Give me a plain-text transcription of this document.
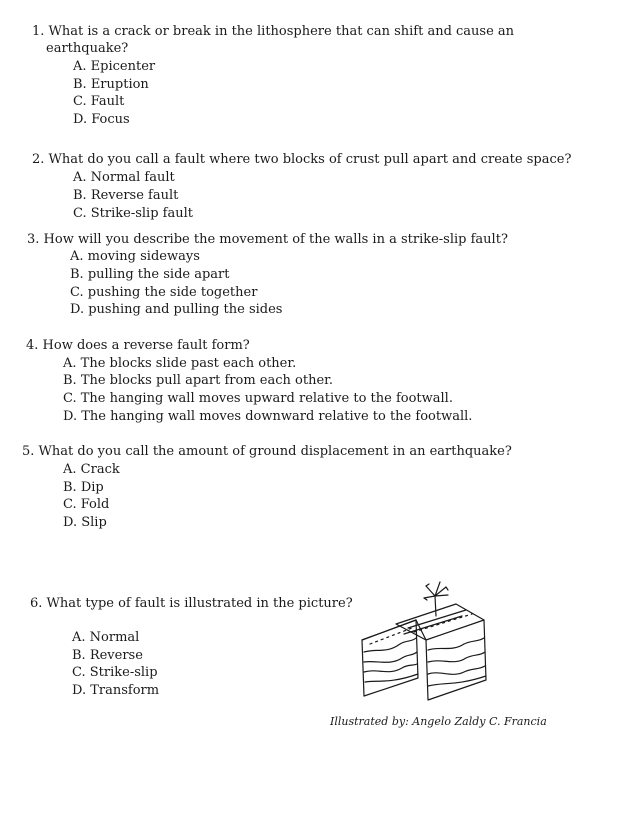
1. What is a crack or break in the lithosphere that can shift and cause an
earthquake?
A. Epicenter
B. Eruption
C. Fault
D. Focus
2. What do you call a fault where two blocks of crust pull apart and create space?
A. Normal fault
B. Reverse fault
C. Strike-slip fault
3. How will you describe the movement of the walls in a strike-slip fault?
A. moving sideways
B. pulling the side apart
C. pushing the side together
D. pushing and pulling the sides
4. How does a reverse fault form?
A. The blocks slide past each other.
B. The blocks pull apart from each other.
C. The hanging wall moves upward relative to the footwall.
D. The hanging wall moves downward relative to the footwall.
5. What do you call the amount of ground displacement in an earthquake?
A. Crack
B. Dip
C. Fold
D. Slip
6. What type of fault is illustrated in the picture?
A. Normal
B. Reverse
C. Strike-slip
D. Transform
Illustrated by: Angelo Zaldy C. Francia
